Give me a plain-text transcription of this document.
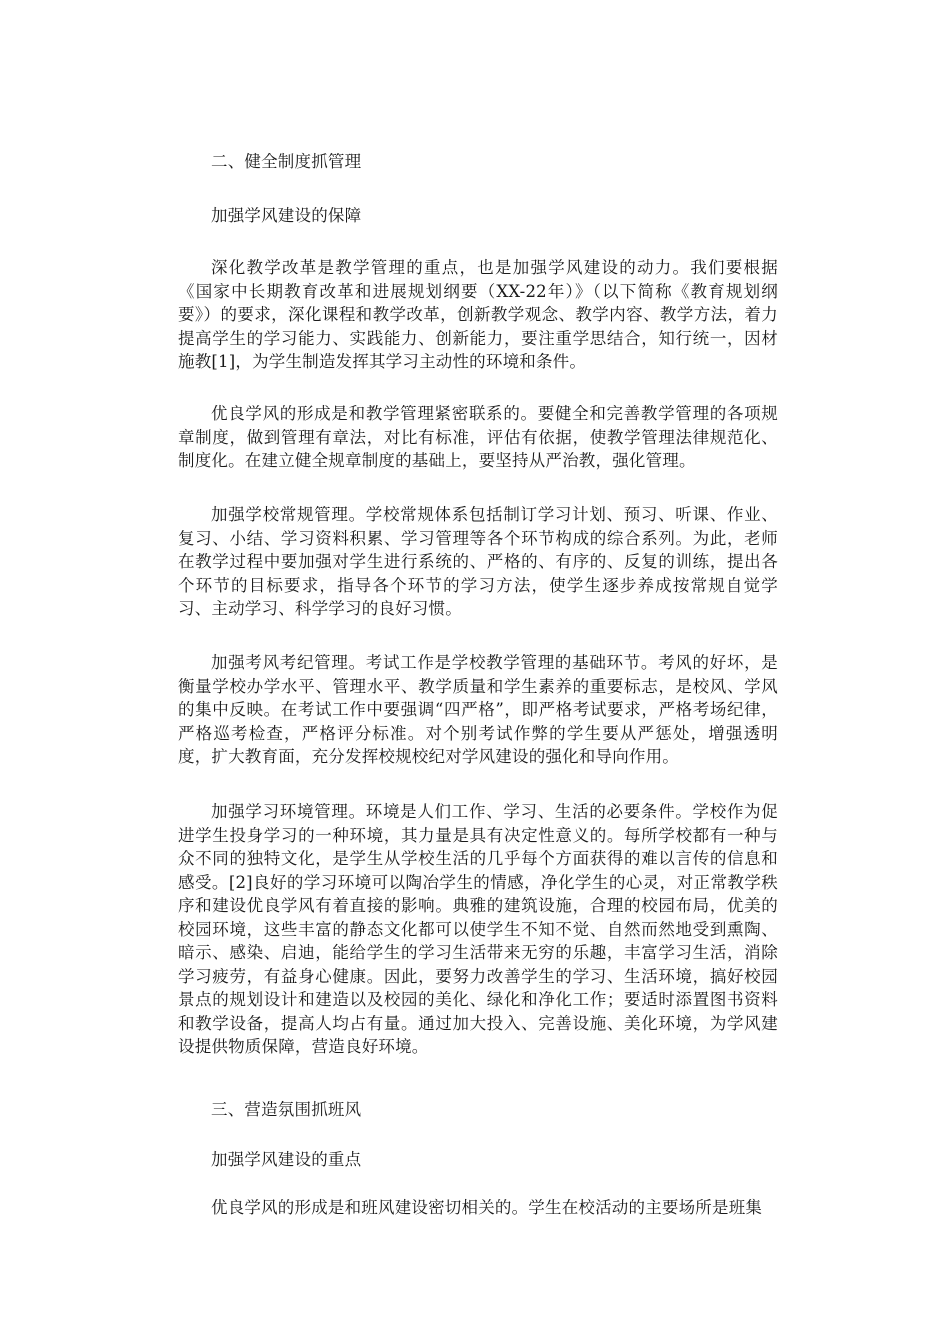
二、健全制度抓管理

加强学风建设的保障

深化教学改革是教学管理的重点，也是加强学风建设的动力。我们要根据《国家中长期教育改革和进展规划纲要（XX-22年）》（以下简称《教育规划纲要》）的要求，深化课程和教学改革，创新教学观念、教学内容、教学方法，着力提高学生的学习能力、实践能力、创新能力，要注重学思结合，知行统一，因材施教[1]，为学生制造发挥其学习主动性的环境和条件。

优良学风的形成是和教学管理紧密联系的。要健全和完善教学管理的各项规章制度，做到管理有章法，对比有标准，评估有依据，使教学管理法律规范化、制度化。在建立健全规章制度的基础上，要坚持从严治教，强化管理。

加强学校常规管理。学校常规体系包括制订学习计划、预习、听课、作业、复习、小结、学习资料积累、学习管理等各个环节构成的综合系列。为此，老师在教学过程中要加强对学生进行系统的、严格的、有序的、反复的训练，提出各个环节的目标要求，指导各个环节的学习方法，使学生逐步养成按常规自觉学习、主动学习、科学学习的良好习惯。

加强考风考纪管理。考试工作是学校教学管理的基础环节。考风的好坏，是衡量学校办学水平、管理水平、教学质量和学生素养的重要标志，是校风、学风的集中反映。在考试工作中要强调“四严格”，即严格考试要求，严格考场纪律，严格巡考检查，严格评分标准。对个别考试作弊的学生要从严惩处，增强透明度，扩大教育面，充分发挥校规校纪对学风建设的强化和导向作用。

加强学习环境管理。环境是人们工作、学习、生活的必要条件。学校作为促进学生投身学习的一种环境，其力量是具有决定性意义的。每所学校都有一种与众不同的独特文化，是学生从学校生活的几乎每个方面获得的难以言传的信息和感受。[2]良好的学习环境可以陶冶学生的情感，净化学生的心灵，对正常教学秩序和建设优良学风有着直接的影响。典雅的建筑设施，合理的校园布局，优美的校园环境，这些丰富的静态文化都可以使学生不知不觉、自然而然地受到熏陶、暗示、感染、启迪，能给学生的学习生活带来无穷的乐趣，丰富学习生活，消除学习疲劳，有益身心健康。因此，要努力改善学生的学习、生活环境，搞好校园景点的规划设计和建造以及校园的美化、绿化和净化工作；要适时添置图书资料和教学设备，提高人均占有量。通过加大投入、完善设施、美化环境，为学风建设提供物质保障，营造良好环境。

三、营造氛围抓班风

加强学风建设的重点

优良学风的形成是和班风建设密切相关的。学生在校活动的主要场所是班集
